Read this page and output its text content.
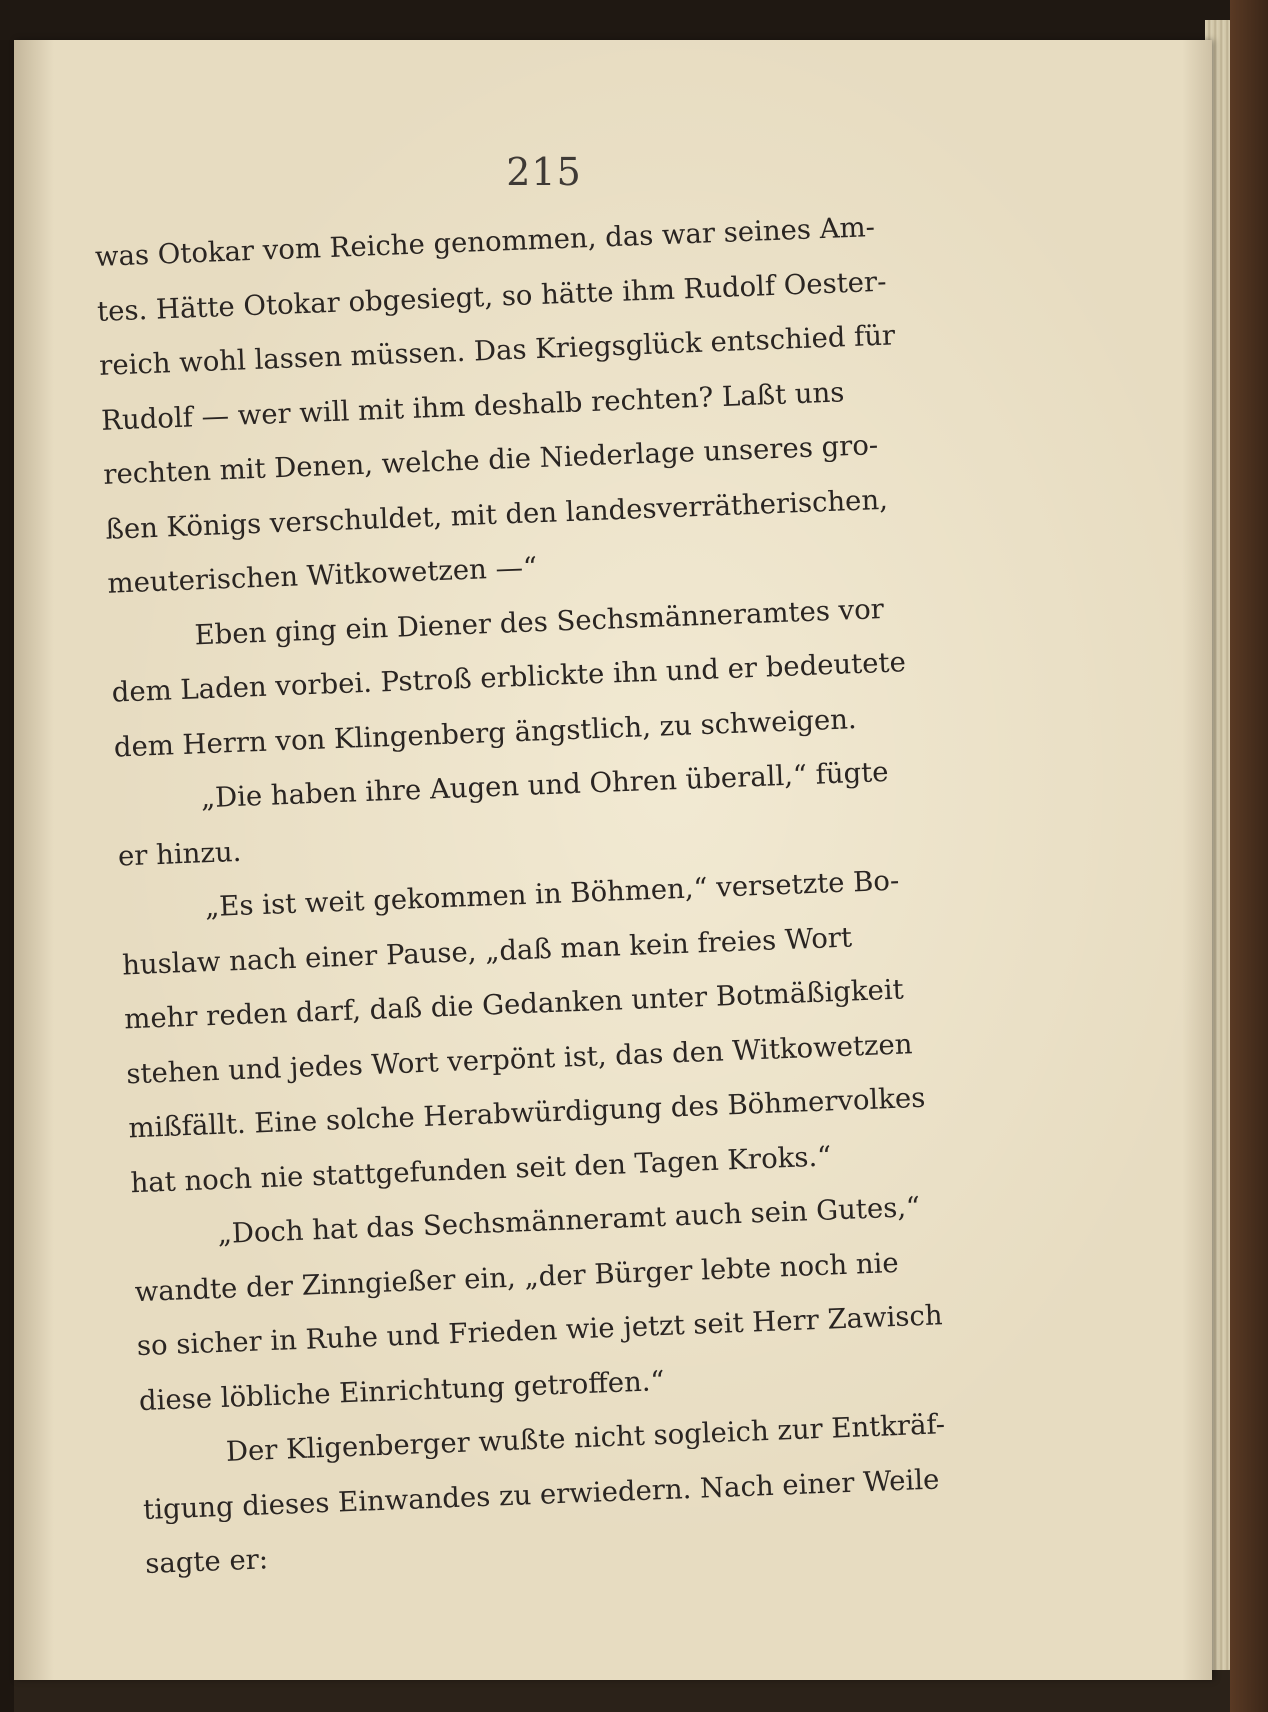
215
was Otokar vom Reiche genommen, das war seines Am-
tes. Hätte Otokar obgesiegt, so hätte ihm Rudolf Oester-
reich wohl lassen müssen. Das Kriegsglück entschied für
Rudolf — wer will mit ihm deshalb rechten? Laßt uns
rechten mit Denen, welche die Niederlage unseres gro-
ßen Königs verschuldet, mit den landesverrätherischen,
meuterischen Witkowetzen —“
Eben ging ein Diener des Sechsmänneramtes vor
dem Laden vorbei. Pstroß erblickte ihn und er bedeutete
dem Herrn von Klingenberg ängstlich, zu schweigen.
„Die haben ihre Augen und Ohren überall,“ fügte
er hinzu.
„Es ist weit gekommen in Böhmen,“ versetzte Bo-
huslaw nach einer Pause, „daß man kein freies Wort
mehr reden darf, daß die Gedanken unter Botmäßigkeit
stehen und jedes Wort verpönt ist, das den Witkowetzen
mißfällt. Eine solche Herabwürdigung des Böhmervolkes
hat noch nie stattgefunden seit den Tagen Kroks.“
„Doch hat das Sechsmänneramt auch sein Gutes,“
wandte der Zinngießer ein, „der Bürger lebte noch nie
so sicher in Ruhe und Frieden wie jetzt seit Herr Zawisch
diese löbliche Einrichtung getroffen.“
Der Kligenberger wußte nicht sogleich zur Entkräf-
tigung dieses Einwandes zu erwiedern. Nach einer Weile
sagte er:
